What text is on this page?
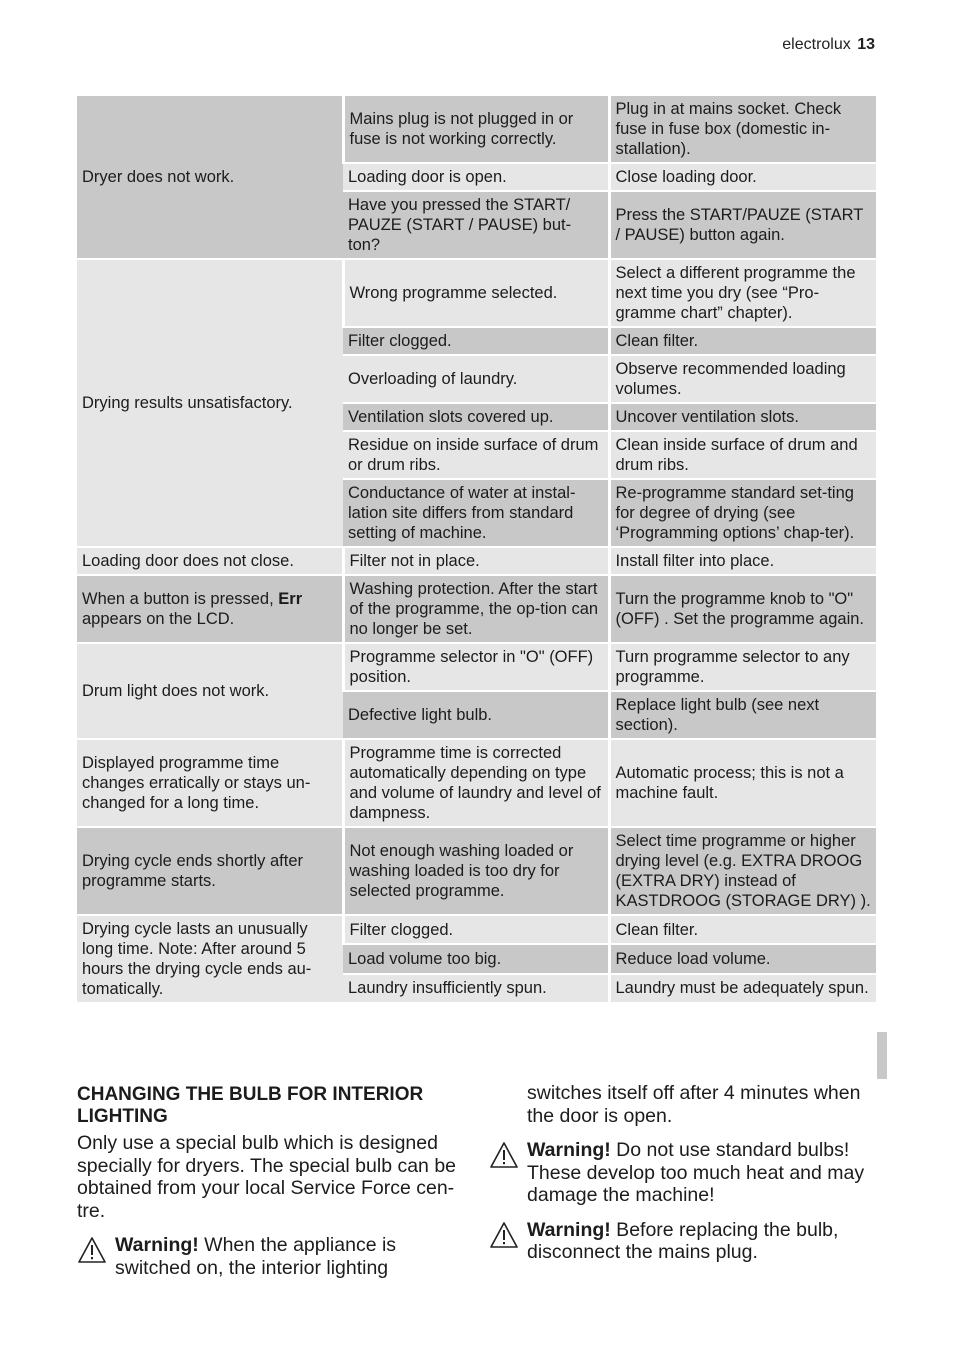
electrolux 13
Dryer does not work.	Mains plug is not plugged in or fuse is not working correctly.	Plug in at mains socket. Check fuse in fuse box (domestic in-stallation).
	Loading door is open.	Close loading door.
	Have you pressed the START/ PAUZE (START / PAUSE) but-ton?	Press the START/PAUZE (START / PAUSE) button again.
Drying results unsatisfactory.	Wrong programme selected.	Select a different programme the next time you dry (see “Pro-gramme chart” chapter).
	Filter clogged.	Clean filter.
	Overloading of laundry.	Observe recommended loading volumes.
	Ventilation slots covered up.	Uncover ventilation slots.
	Residue on inside surface of drum or drum ribs.	Clean inside surface of drum and drum ribs.
	Conductance of water at instal-lation site differs from standard setting of machine.	Re-programme standard set-ting for degree of drying (see ‘Programming options’ chap-ter).
Loading door does not close.	Filter not in place.	Install filter into place.
When a button is pressed, Err appears on the LCD.	Washing protection. After the start of the programme, the op-tion can no longer be set.	Turn the programme knob to "O" (OFF) . Set the programme again.
Drum light does not work.	Programme selector in "O" (OFF) position.	Turn programme selector to any programme.
	Defective light bulb.	Replace light bulb (see next section).
Displayed programme time changes erratically or stays un-changed for a long time.	Programme time is corrected automatically depending on type and volume of laundry and level of dampness.	Automatic process; this is not a machine fault.
Drying cycle ends shortly after programme starts.	Not enough washing loaded or washing loaded is too dry for selected programme.	Select time programme or higher drying level (e.g. EXTRA DROOG (EXTRA DRY) instead of KASTDROOG (STORAGE DRY) ).
Drying cycle lasts an unusually long time. Note: After around 5 hours the drying cycle ends au-tomatically.	Filter clogged.	Clean filter.
	Load volume too big.	Reduce load volume.
	Laundry insufficiently spun.	Laundry must be adequately spun.
CHANGING THE BULB FOR INTERIOR
LIGHTING

Only use a special bulb which is designed specially for dryers. The special bulb can be obtained from your local Service Force cen-tre.

Warning! When the appliance is switched on, the interior lighting

switches itself off after 4 minutes when the door is open.

Warning! Do not use standard bulbs! These develop too much heat and may damage the machine!
Warning! Before replacing the bulb, disconnect the mains plug.
